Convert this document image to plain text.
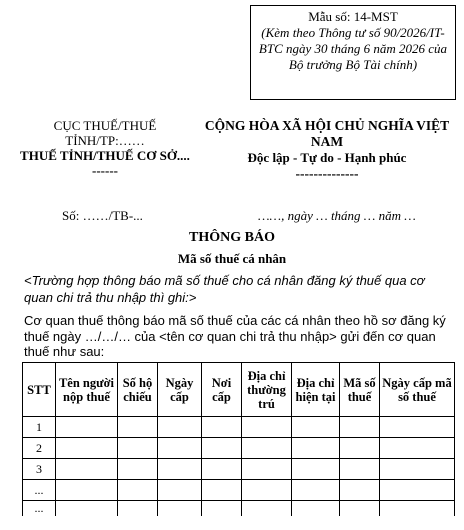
Mẫu số: 14-MST
(Kèm theo Thông tư số 90/2026/IT-BTC ngày 30 tháng 6 năm 2026 của Bộ trưởng Bộ Tài chính)
CỤC THUẾ/THUẾ TỈNH/TP:……
THUẾ TỈNH/THUẾ CƠ SỞ....
------
CỘNG HÒA XÃ HỘI CHỦ NGHĨA VIỆT NAM
Độc lập - Tự do - Hạnh phúc
--------------
Số: ……/TB-...	……, ngày … tháng … năm …
THÔNG BÁO
Mã số thuế cá nhân
<Trường hợp thông báo mã số thuế cho cá nhân đăng ký thuế qua cơ quan chi trả thu nhập thì ghi:>
Cơ quan thuế thông báo mã số thuế của các cá nhân theo hồ sơ đăng ký thuế ngày …/…/… của <tên cơ quan chi trả thu nhập> gửi đến cơ quan thuế như sau:
STT	Tên người nộp thuế	Số hộ chiếu	Ngày cấp	Nơi cấp	Địa chỉ thường trú	Địa chỉ hiện tại	Mã số thuế	Ngày cấp mã số thuế
1								
2								
3								
...								
...								
